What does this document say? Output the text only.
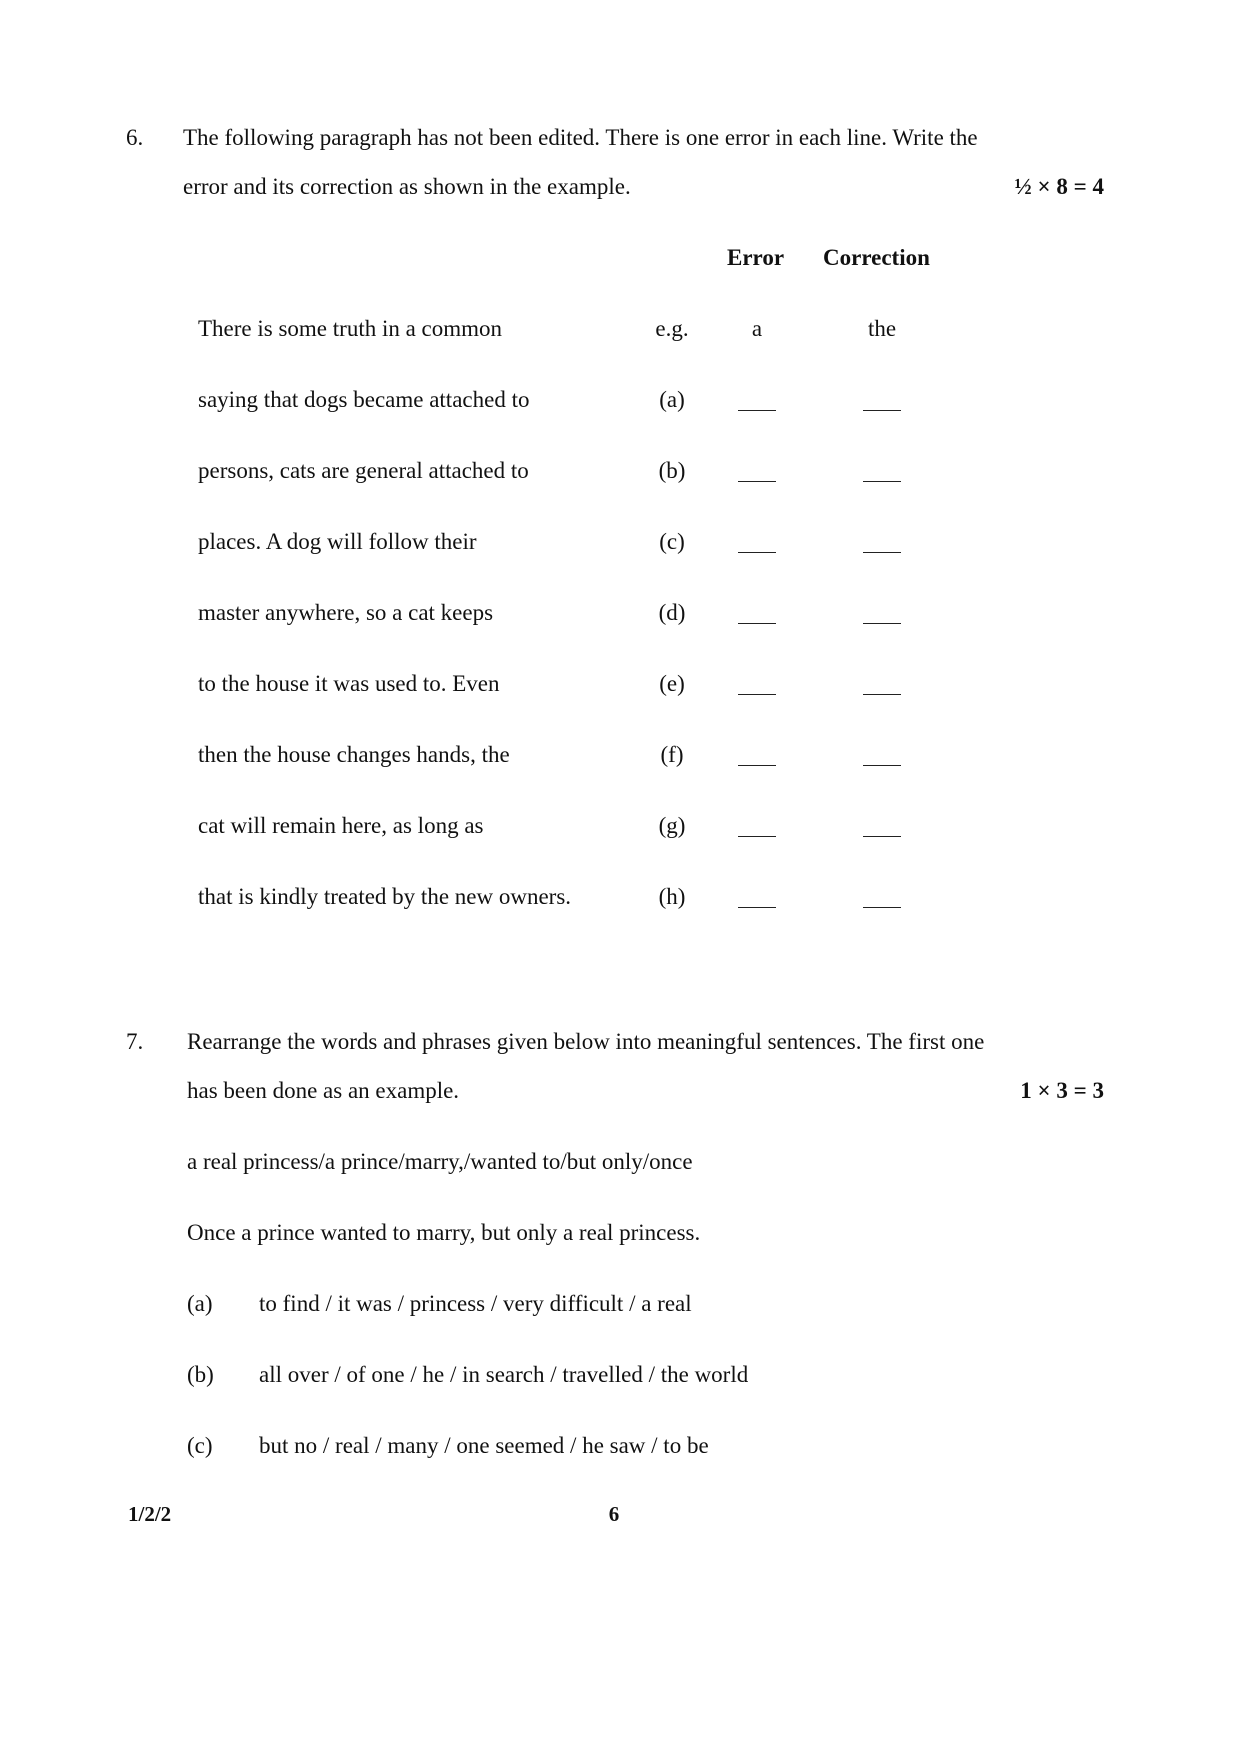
6. The following paragraph has not been edited. There is one error in each line. Write the
error and its correction as shown in the example.	½ × 8 = 4
Error Correction
There is some truth in a common	e.g.	a	the
saying that dogs became attached to	(a)
persons, cats are general attached to	(b)
places. A dog will follow their	(c)
master anywhere, so a cat keeps	(d)
to the house it was used to. Even	(e)
then the house changes hands, the	(f)
cat will remain here, as long as	(g)
that is kindly treated by the new owners.	(h)
7. Rearrange the words and phrases given below into meaningful sentences. The first one
has been done as an example.	1 × 3 = 3
a real princess/a prince/marry,/wanted to/but only/once
Once a prince wanted to marry, but only a real princess.
(a) to find / it was / princess / very difficult / a real
(b) all over / of one / he / in search / travelled / the world
(c) but no / real / many / one seemed / he saw / to be
1/2/2	6
